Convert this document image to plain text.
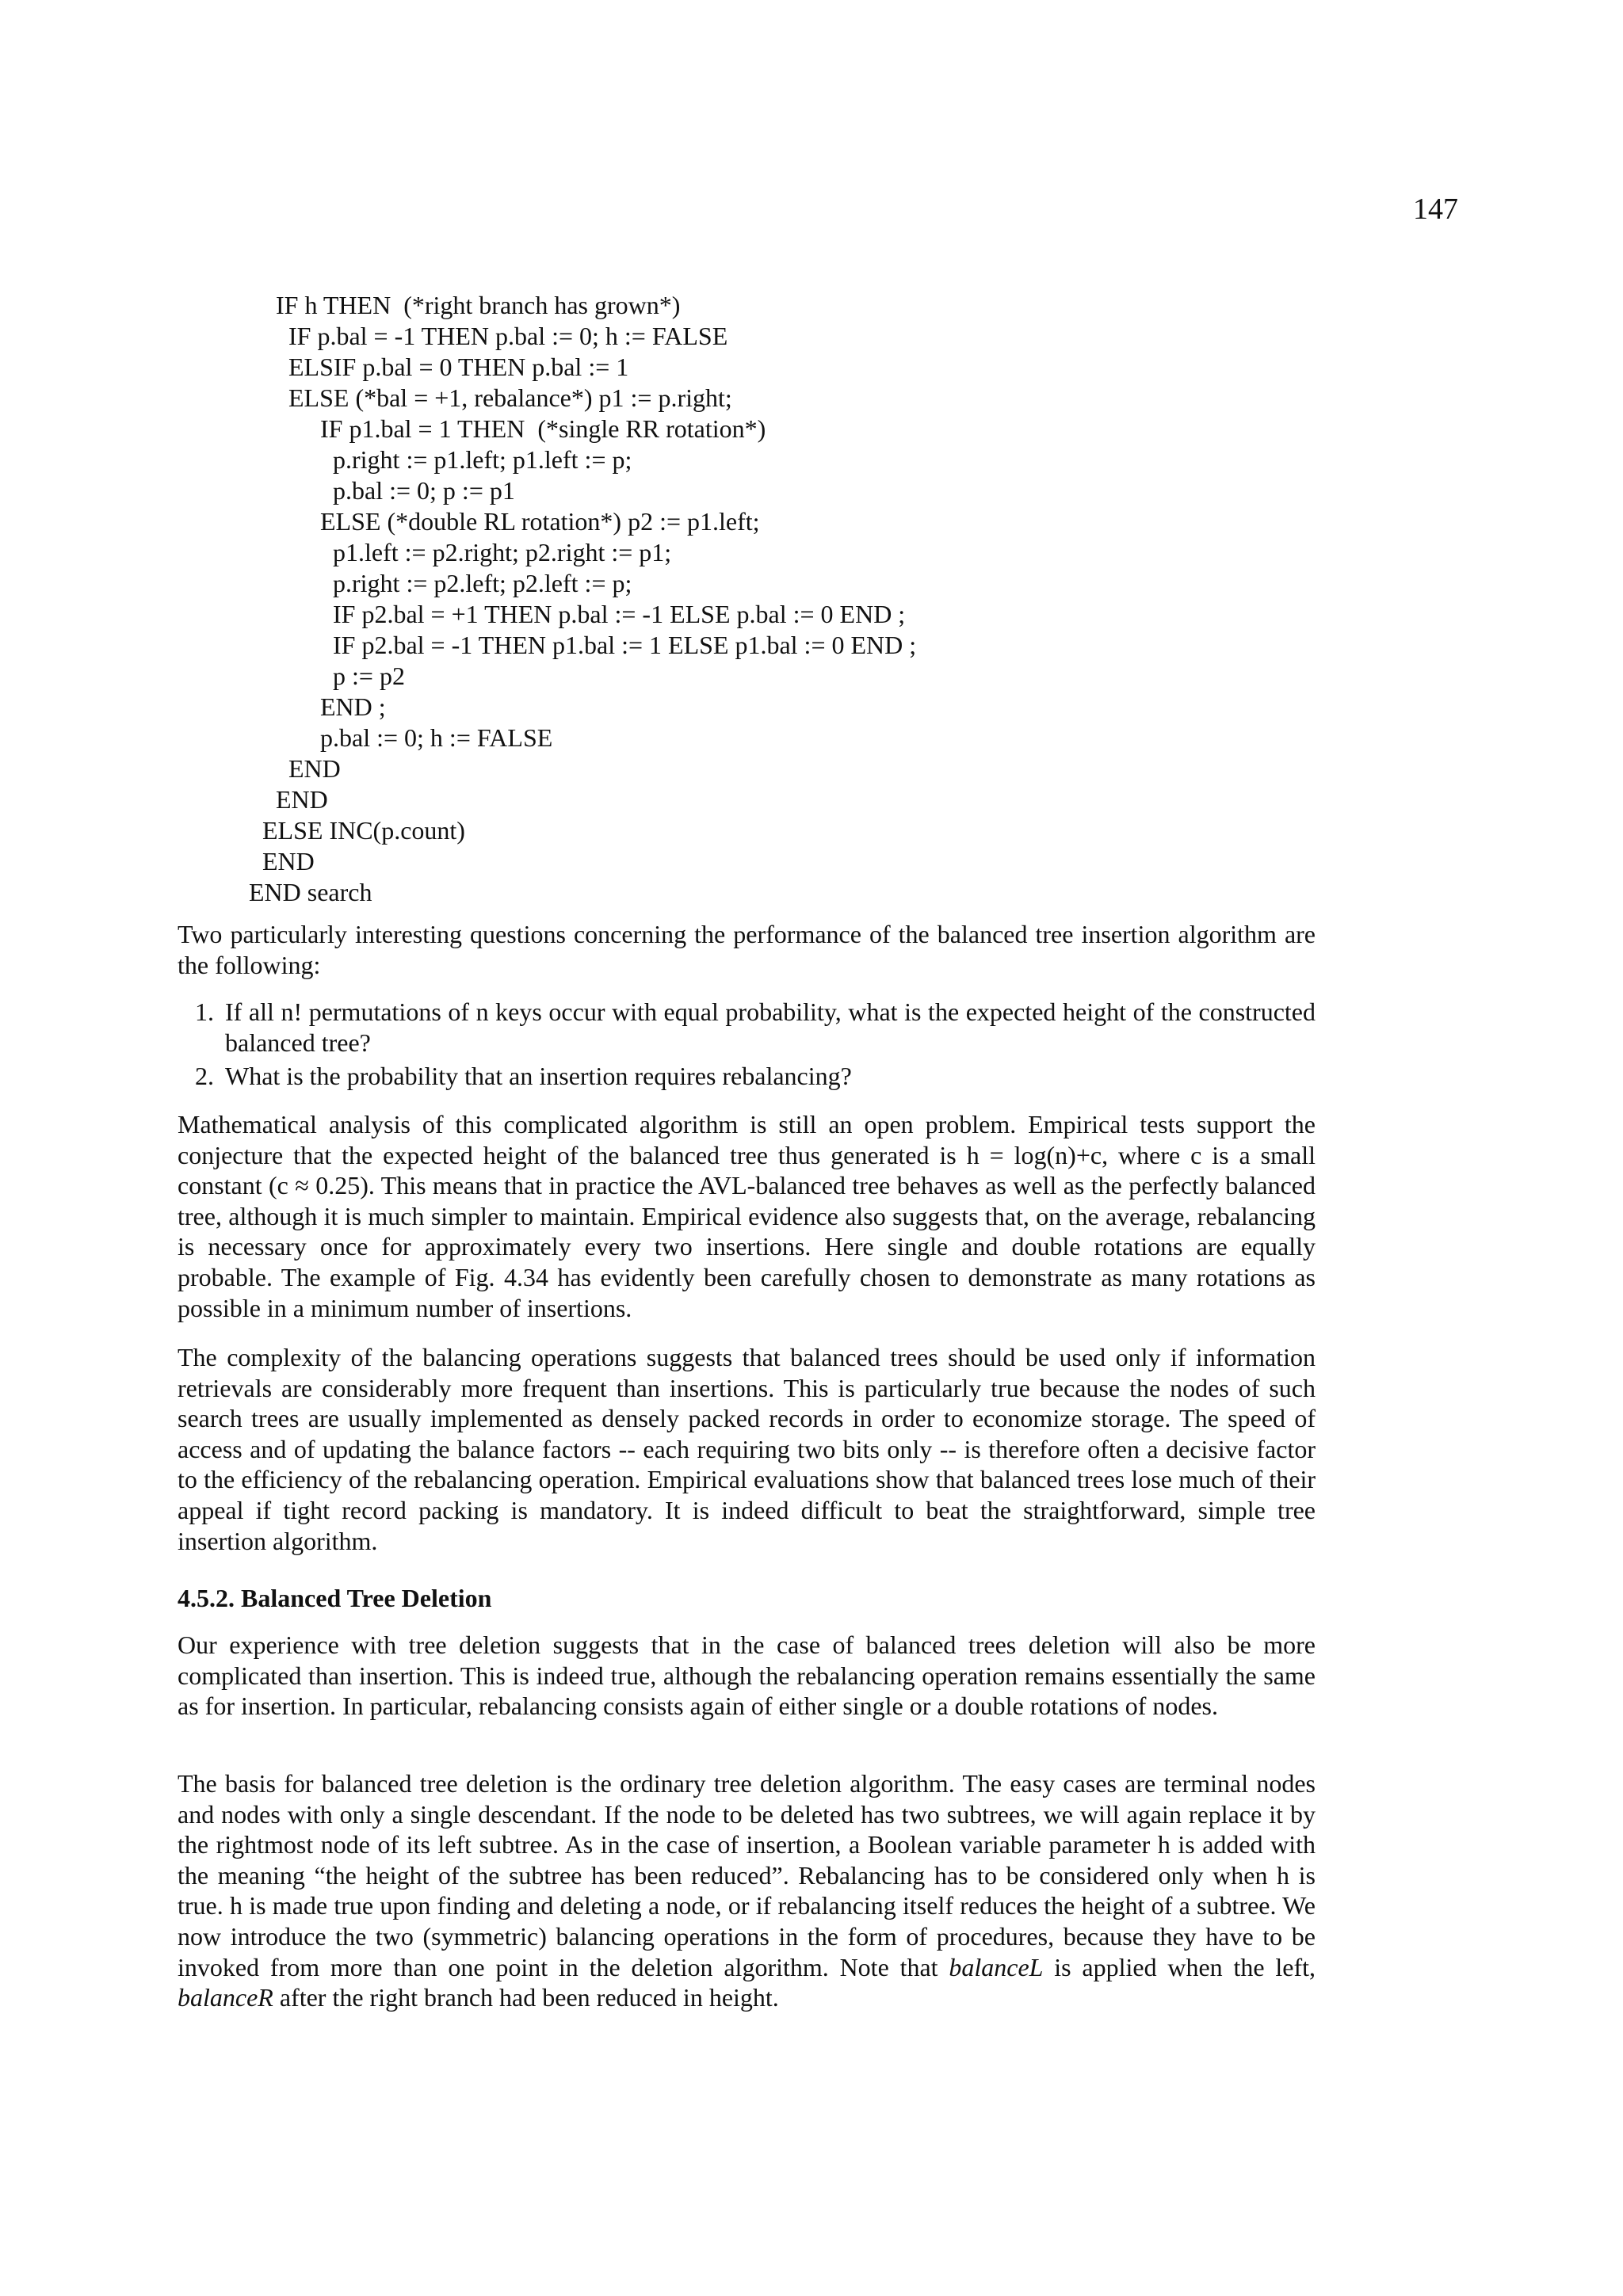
147
IF h THEN  (*right branch has grown*)
IF p.bal = -1 THEN p.bal := 0; h := FALSE
ELSIF p.bal = 0 THEN p.bal := 1
ELSE (*bal = +1, rebalance*) p1 := p.right;
IF p1.bal = 1 THEN  (*single RR rotation*)
p.right := p1.left; p1.left := p;
p.bal := 0; p := p1
ELSE (*double RL rotation*) p2 := p1.left;
p1.left := p2.right; p2.right := p1;
p.right := p2.left; p2.left := p;
IF p2.bal = +1 THEN p.bal := -1 ELSE p.bal := 0 END ;
IF p2.bal = -1 THEN p1.bal := 1 ELSE p1.bal := 0 END ;
p := p2
END ;
p.bal := 0; h := FALSE
END
END
ELSE INC(p.count)
END
END search

Two particularly interesting questions concerning the performance of the balanced tree insertion algorithm are the following:

1. If all n! permutations of n keys occur with equal probability, what is the expected height of the constructed balanced tree?
2. What is the probability that an insertion requires rebalancing?

Mathematical analysis of this complicated algorithm is still an open problem. Empirical tests support the conjecture that the expected height of the balanced tree thus generated is h = log(n)+c, where c is a small constant (c ≈ 0.25). This means that in practice the AVL-balanced tree behaves as well as the perfectly balanced tree, although it is much simpler to maintain. Empirical evidence also suggests that, on the average, rebalancing is necessary once for approximately every two insertions. Here single and double rotations are equally probable. The example of Fig. 4.34 has evidently been carefully chosen to demonstrate as many rotations as possible in a minimum number of insertions.

The complexity of the balancing operations suggests that balanced trees should be used only if information retrievals are considerably more frequent than insertions. This is particularly true because the nodes of such search trees are usually implemented as densely packed records in order to economize storage. The speed of access and of updating the balance factors -- each requiring two bits only -- is therefore often a decisive factor to the efficiency of the rebalancing operation. Empirical evaluations show that balanced trees lose much of their appeal if tight record packing is mandatory. It is indeed difficult to beat the straightforward, simple tree insertion algorithm.

4.5.2. Balanced Tree Deletion

Our experience with tree deletion suggests that in the case of balanced trees deletion will also be more complicated than insertion. This is indeed true, although the rebalancing operation remains essentially the same as for insertion. In particular, rebalancing consists again of either single or a double rotations of nodes.

The basis for balanced tree deletion is the ordinary tree deletion algorithm. The easy cases are terminal nodes and nodes with only a single descendant. If the node to be deleted has two subtrees, we will again replace it by the rightmost node of its left subtree. As in the case of insertion, a Boolean variable parameter h is added with the meaning “the height of the subtree has been reduced”. Rebalancing has to be considered only when h is true. h is made true upon finding and deleting a node, or if rebalancing itself reduces the height of a subtree. We now introduce the two (symmetric) balancing operations in the form of procedures, because they have to be invoked from more than one point in the deletion algorithm. Note that balanceL is applied when the left, balanceR after the right branch had been reduced in height.
